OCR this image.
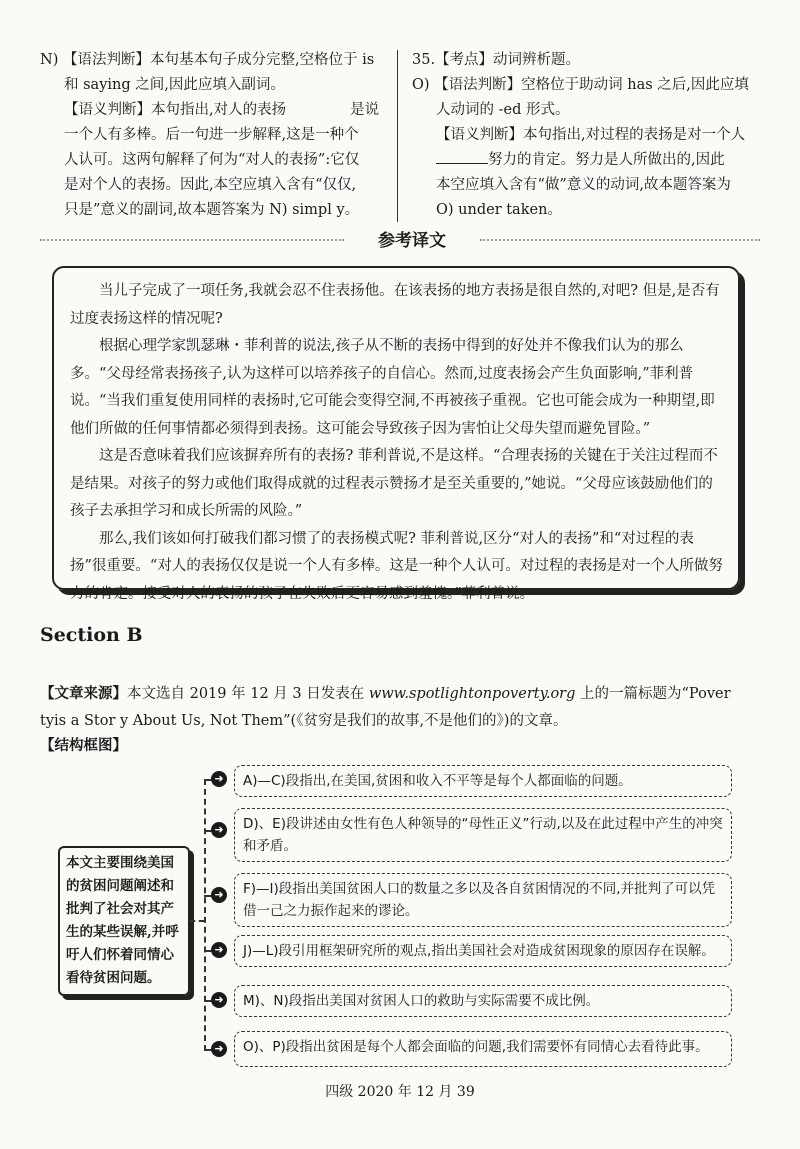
N) 【语法判断】本句基本句子成分完整,空格位于 is

和 saying 之间,因此应填入副词。

【语义判断】本句指出,对人的表扬	是说

一个人有多棒。后一句进一步解释,这是一种个

人认可。这两句解释了何为“对人的表扬”:它仅

是对个人的表扬。因此,本空应填入含有“仅仅,

只是”意义的副词,故本题答案为 N) simpl y。

35.【考点】动词辨析题。

O) 【语法判断】空格位于助动词 has 之后,因此应填

人动词的 -ed 形式。

【语义判断】本句指出,对过程的表扬是对一个人

努力的肯定。努力是人所做出的,因此

本空应填入含有“做”意义的动词,故本题答案为

O) under taken。

参考译文

当儿子完成了一项任务,我就会忍不住表扬他。在该表扬的地方表扬是很自然的,对吧? 但是,是否有过度表扬这样的情况呢?

根据心理学家凯瑟琳・菲利普的说法,孩子从不断的表扬中得到的好处并不像我们认为的那么多。“父母经常表扬孩子,认为这样可以培养孩子的自信心。然而,过度表扬会产生负面影响,”菲利普说。“当我们重复使用同样的表扬时,它可能会变得空洞,不再被孩子重视。它也可能会成为一种期望,即他们所做的任何事情都必须得到表扬。这可能会导致孩子因为害怕让父母失望而避免冒险。”

这是否意味着我们应该摒弃所有的表扬? 菲利普说,不是这样。“合理表扬的关键在于关注过程而不是结果。对孩子的努力或他们取得成就的过程表示赞扬才是至关重要的,”她说。“父母应该鼓励他们的孩子去承担学习和成长所需的风险。”

那么,我们该如何打破我们都习惯了的表扬模式呢? 菲利普说,区分“对人的表扬”和“对过程的表扬”很重要。“对人的表扬仅仅是说一个人有多棒。这是一种个人认可。对过程的表扬是对一个人所做努力的肯定。接受对人的表扬的孩子在失败后更容易感到羞愧。”菲利普说。

Section B
【文章来源】本文选自 2019 年 12 月 3 日发表在 www.spotlightonpoverty.org 上的一篇标题为“Pover tyis a Stor y About Us, Not Them”(《贫穷是我们的故事,不是他们的》)的文章。
【结构框图】
本文主要围绕美国的贫困问题阐述和批判了社会对其产生的某些误解,并呼吁人们怀着同情心看待贫困问题。
➜	A)—C)段指出,在美国,贫困和收入不平等是每个人都面临的问题。
➜	D)、E)段讲述由女性有色人种领导的“母性正义”行动,以及在此过程中产生的冲突和矛盾。
➜	F)—I)段指出美国贫困人口的数量之多以及各自贫困情况的不同,并批判了可以凭借一己之力振作起来的谬论。
➜	J)—L)段引用框架研究所的观点,指出美国社会对造成贫困现象的原因存在误解。
➜	M)、N)段指出美国对贫困人口的救助与实际需要不成比例。
➜	O)、P)段指出贫困是每个人都会面临的问题,我们需要怀有同情心去看待此事。
四级 2020 年 12 月 39
